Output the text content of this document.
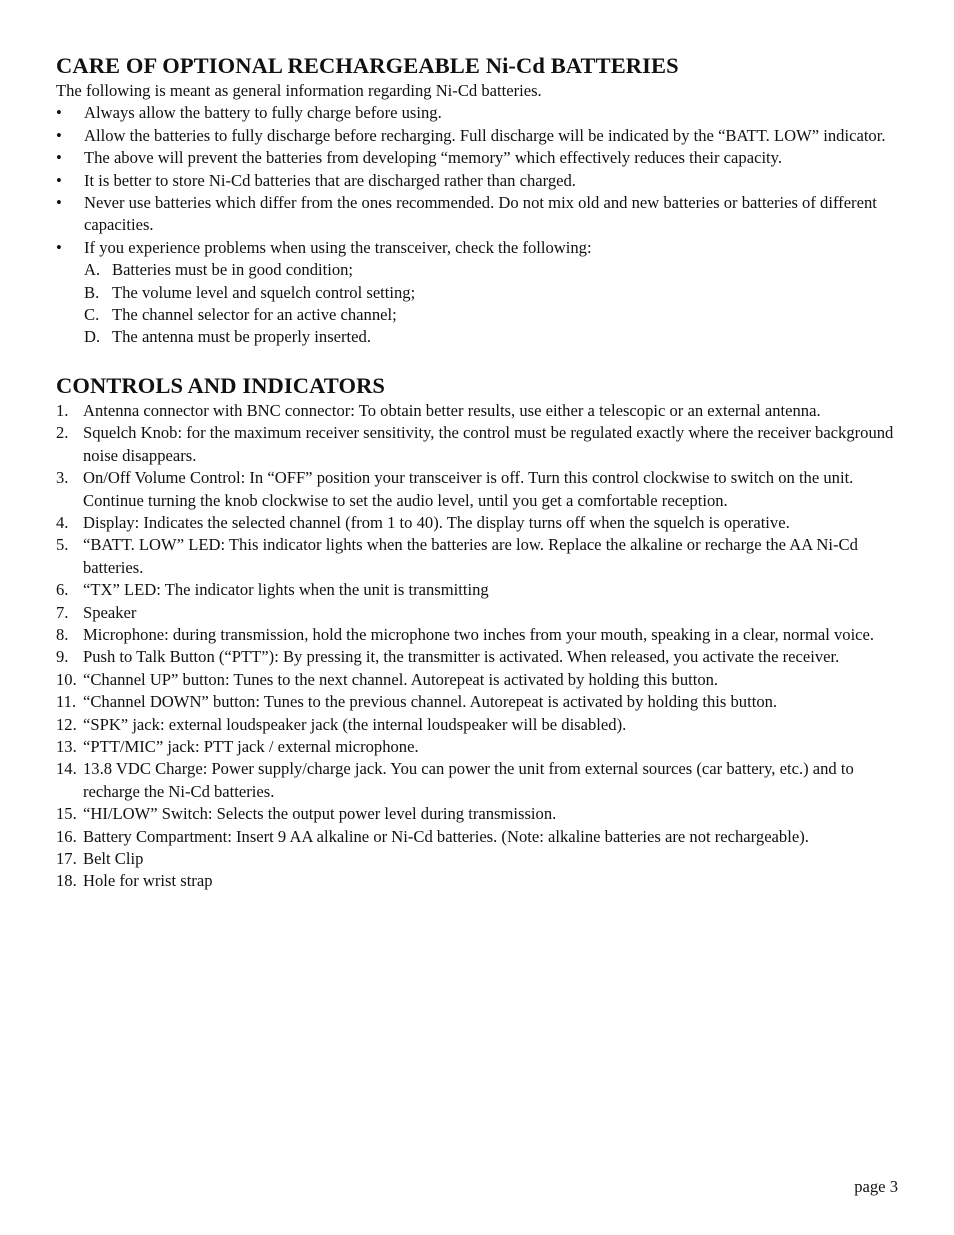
CARE OF OPTIONAL RECHARGEABLE Ni-Cd BATTERIES

The following is meant as general information regarding Ni-Cd batteries.

• Always allow the battery to fully charge before using.
• Allow the batteries to fully discharge before recharging. Full discharge will be indicated by the “BATT. LOW” indicator.
• The above will prevent the batteries from developing “memory” which effectively reduces their capacity.
• It is better to store Ni-Cd batteries that are discharged rather than charged.
• Never use batteries which differ from the ones recommended. Do not mix old and new batteries or batteries of different capacities.
• If you experience problems when using the transceiver, check the following:
A. Batteries must be in good condition;
B. The volume level and squelch control setting;
C. The channel selector for an active channel;
D. The antenna must be properly inserted.
CONTROLS AND INDICATORS
1. Antenna connector with BNC connector: To obtain better results, use either a telescopic or an external antenna.
2. Squelch Knob: for the maximum receiver sensitivity, the control must be regulated exactly where the receiver background noise disappears.
3. On/Off Volume Control: In “OFF” position your transceiver is off. Turn this control clockwise to switch on the unit. Continue turning the knob clockwise to set the audio level, until you get a comfortable reception.
4. Display: Indicates the selected channel (from 1 to 40). The display turns off when the squelch is operative.
5. “BATT. LOW” LED: This indicator lights when the batteries are low. Replace the alkaline or recharge the AA Ni-Cd batteries.
6. “TX” LED: The indicator lights when the unit is transmitting
7. Speaker
8. Microphone: during transmission, hold the microphone two inches from your mouth, speaking in a clear, normal voice.
9. Push to Talk Button (“PTT”): By pressing it, the transmitter is activated. When released, you activate the receiver.
10. “Channel UP” button: Tunes to the next channel. Autorepeat is activated by holding this button.
11. “Channel DOWN” button: Tunes to the previous channel. Autorepeat is activated by holding this button.
12. “SPK” jack: external loudspeaker jack (the internal loudspeaker will be disabled).
13. “PTT/MIC” jack: PTT jack / external microphone.
14. 13.8 VDC Charge: Power supply/charge jack. You can power the unit from external sources (car battery, etc.) and to recharge the Ni-Cd batteries.
15. “HI/LOW” Switch: Selects the output power level during transmission.
16. Battery Compartment: Insert 9 AA alkaline or Ni-Cd batteries. (Note: alkaline batteries are not rechargeable).
17. Belt Clip
18. Hole for wrist strap
page 3
